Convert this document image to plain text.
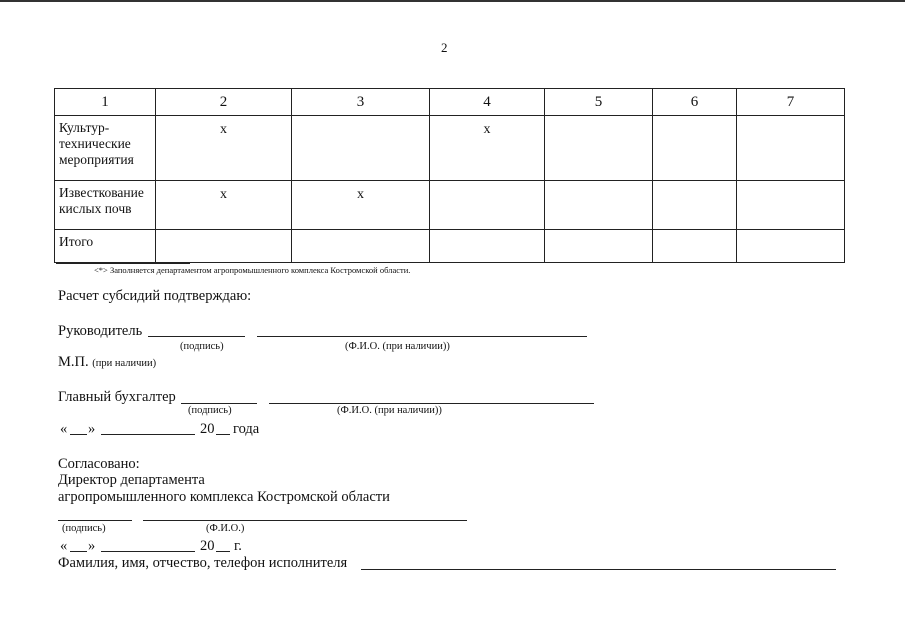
2
1	2	3	4	5	6	7
Культур-технические мероприятия	x		x			
Известкование кислых почв	x	x				
Итого						
<*> Заполняется департаментом агропромышленного комплекса Костромской области.
Расчет субсидий подтверждаю:
Руководитель
(подпись)	(Ф.И.О. (при наличии))
М.П. (при наличии)
Главный бухгалтер
(подпись)	(Ф.И.О. (при наличии))
« »	20 года
Согласовано:
Директор департамента
агропромышленного комплекса Костромской области
(подпись)	(Ф.И.О.)
« »	20 г.
Фамилия, имя, отчество, телефон исполнителя
